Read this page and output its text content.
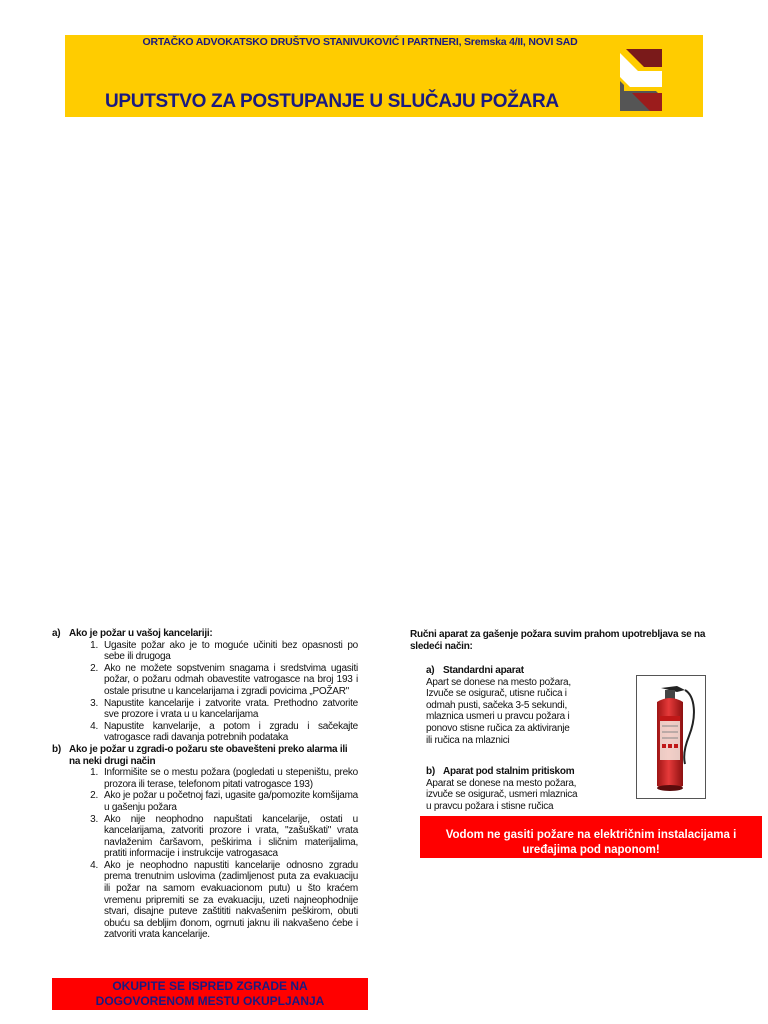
ORTAČKO ADVOKATSKO DRUŠTVO STANIVUKOVIĆ I PARTNERI, Sremska 4/II, NOVI SAD
UPUTSTVO ZA POSTUPANJE U SLUČAJU POŽARA
a) Ako je požar u vašoj kancelariji:
1. Ugasite požar ako je to moguće učiniti bez opasnosti po sebe ili drugoga
2. Ako ne možete sopstvenim snagama i sredstvima ugasiti požar, o požaru odmah obavestite vatrogasce na broj 193 i ostale prisutne u kancelarijama i zgradi povicima „POŽAR"
3. Napustite kancelarije i zatvorite vrata. Prethodno zatvorite sve prozore i vrata u u kancelarijama
4. Napustite kanvelarije, a potom i zgradu i sačekajte vatrogasce radi davanja potrebnih podataka
b) Ako je požar u zgradi-o požaru ste obavešteni preko alarma ili na neki drugi način
1. Informišite se o mestu požara (pogledati u stepeništu, preko prozora ili terase, telefonom pitati vatrogasce 193)
2. Ako je požar u početnoj fazi, ugasite ga/pomozite komšijama u gašenju požara
3. Ako nije neophodno napuštati kancelarije, ostati u kancelarijama, zatvoriti prozore i vrata, "zašuškati" vrata navlaženim čaršavom, peškirima i sličnim materijalima, pratiti informacije i instrukcije vatrogasaca
4. Ako je neophodno napustiti kancelarije odnosno zgradu prema trenutnim uslovima (zadimljenost puta za evakuaciju ili požar na samom evakuacionom putu) u što kraćem vremenu pripremiti se za evakuaciju, uzeti najneophodnije stvari, disajne puteve zaštititi nakvašenim peškirom, obuti obuću sa debljim đonom, ogrnuti jaknu ili nakvašeno ćebe i zatvoriti vrata kancelarije.
OKUPITE SE ISPRED ZGRADE NA
DOGOVORENOM MESTU OKUPLJANJA
Ručni aparat za gašenje požara suvim prahom upotrebljava se na sledeći način:
a) Standardni aparat
Apart se donese na mesto požara,
Izvuče se osigurač, utisne ručica i
odmah pusti, sačeka 3-5 sekundi,
mlaznica usmeri u pravcu požara i
ponovo stisne ručica za aktiviranje
ili ručica na mlaznici
b) Aparat pod stalnim pritiskom
Aparat se donese na mesto požara,
izvuče se osigurač, usmeri mlaznica
u pravcu požara i stisne ručica
Vodom ne gasiti požare na električnim instalacijama i
uređajima pod naponom!
